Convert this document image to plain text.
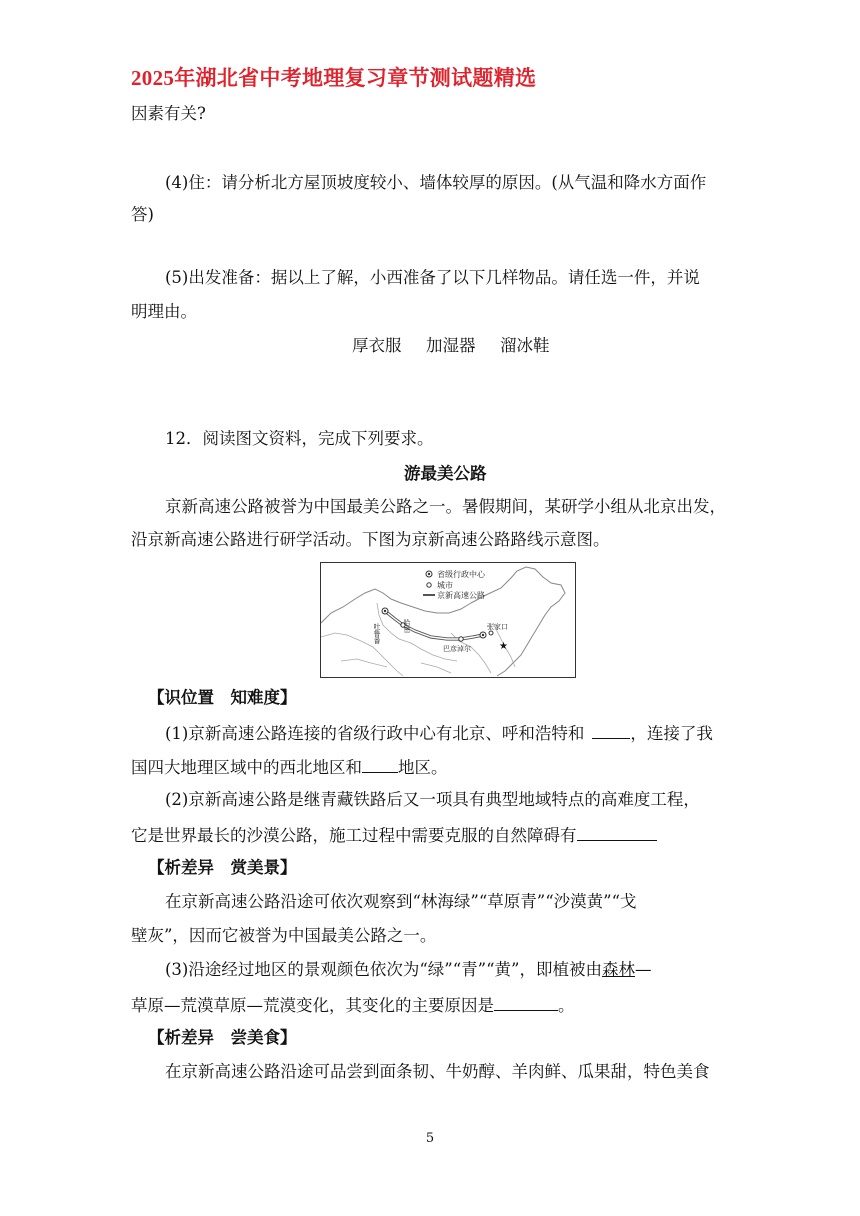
2025年湖北省中考地理复习章节测试题精选
因素有关?
(4)住：请分析北方屋顶坡度较小、墙体较厚的原因。(从气温和降水方面作
答)
(5)出发准备：据以上了解，小西准备了以下几样物品。请任选一件，并说
明理由。
厚衣服 加湿器 溜冰鞋
12．阅读图文资料，完成下列要求。
游最美公路
京新高速公路被誉为中国最美公路之一。暑假期间，某研学小组从北京出发，
沿京新高速公路进行研学活动。下图为京新高速公路路线示意图。
★
省级行政中心
城市
京新高速公路
吐鲁番	哈密
巴彦淖尔
张家口
【识位置　知难度】
(1)京新高速公路连接的省级行政中心有北京、呼和浩特和	，连接了我
国四大地理区域中的西北地区和 地区。
(2)京新高速公路是继青藏铁路后又一项具有典型地域特点的高难度工程，
它是世界最长的沙漠公路，施工过程中需要克服的自然障碍有
【析差异　赏美景】
在京新高速公路沿途可依次观察到“林海绿”“草原青”“沙漠黄”“戈
壁灰”，因而它被誉为中国最美公路之一。
(3)沿途经过地区的景观颜色依次为“绿”“青”“黄”，即植被由森林—
草原—荒漠草原—荒漠变化，其变化的主要原因是	。
【析差异　尝美食】
在京新高速公路沿途可品尝到面条韧、牛奶醇、羊肉鲜、瓜果甜，特色美食
5
